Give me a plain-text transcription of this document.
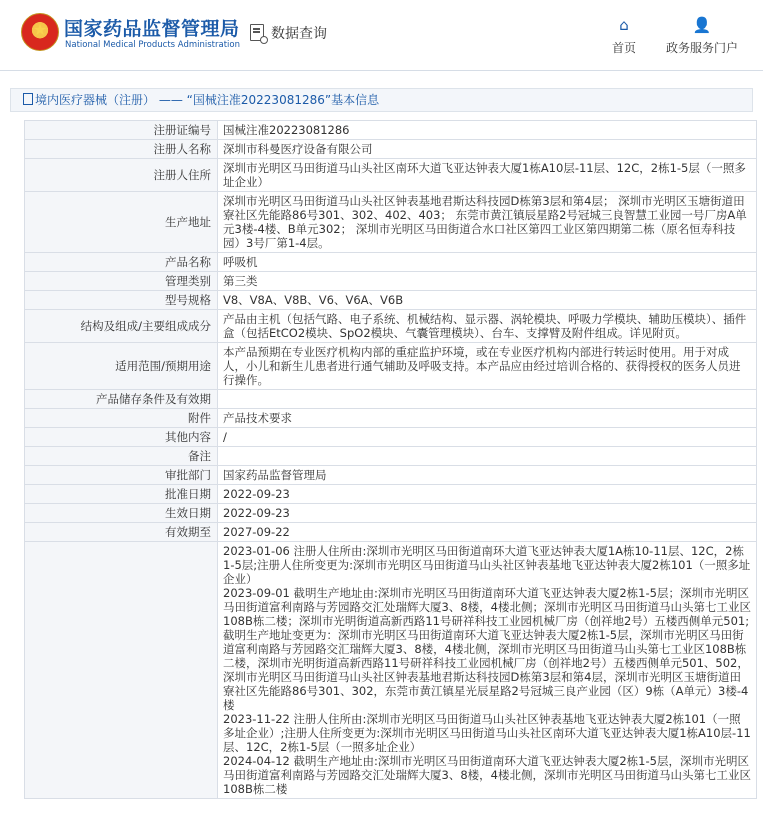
★
国家药品监督管理局
National Medical Products Administration
数据查询	⌂
首页
👤
政务服务门户
境内医疗器械（注册） —— “国械注准20223081286”基本信息
注册证编号	国械注准20223081286
注册人名称	深圳市科曼医疗设备有限公司
注册人住所	深圳市光明区马田街道马山头社区南环大道飞亚达钟表大厦1栋A10层-11层、12C，2栋1-5层（一照多址企业）
生产地址	深圳市光明区马田街道马山头社区钟表基地君斯达科技园D栋第3层和第4层； 深圳市光明区玉塘街道田寮社区先能路86号301、302、402、403； 东莞市黄江镇辰星路2号冠城三良智慧工业园一号厂房A单元3楼-4楼、B单元302； 深圳市光明区马田街道合水口社区第四工业区第四期第二栋（原名恒寿科技园）3号厂第1-4层。
产品名称	呼吸机
管理类别	第三类
型号规格	V8、V8A、V8B、V6、V6A、V6B
结构及组成/主要组成成分	产品由主机（包括气路、电子系统、机械结构、显示器、涡轮模块、呼吸力学模块、辅助压模块）、插件盒（包括EtCO2模块、SpO2模块、气囊管理模块）、台车、支撑臂及附件组成。详见附页。
适用范围/预期用途	本产品预期在专业医疗机构内部的重症监护环境，或在专业医疗机构内部进行转运时使用。用于对成人，小儿和新生儿患者进行通气辅助及呼吸支持。本产品应由经过培训合格的、获得授权的医务人员进行操作。
产品储存条件及有效期	
附件	产品技术要求
其他内容	/
备注	
审批部门	国家药品监督管理局
批准日期	2022-09-23
生效日期	2022-09-23
有效期至	2027-09-22

	2023-01-06 注册人住所由:深圳市光明区马田街道南环大道飞亚达钟表大厦1A栋10-11层、12C，2栋1-5层;注册人住所变更为:深圳市光明区马田街道马山头社区钟表基地飞亚达钟表大厦2栋101（一照多址企业）

2023-09-01 截明生产地址由:深圳市光明区马田街道南环大道飞亚达钟表大厦2栋1-5层；深圳市光明区马田街道富利南路与芳园路交汇处瑞辉大厦3、8楼，4楼北侧；深圳市光明区马田街道马山头第七工业区108B栋二楼；深圳市光明街道高新西路11号研祥科技工业园机械厂房（创祥地2号）五楼西侧单元501;截明生产地址变更为：深圳市光明区马田街道南环大道飞亚达钟表大厦2栋1-5层，深圳市光明区马田街道富利南路与芳园路交汇瑞辉大厦3、8楼，4楼北侧，深圳市光明区马田街道马山头第七工业区108B栋二楼，深圳市光明街道高新西路11号研祥科技工业园机械厂房（创祥地2号）五楼西侧单元501、502，深圳市光明区马田街道马山头社区钟表基地君斯达科技园D栋第3层和第4层，深圳市光明区玉塘街道田寮社区先能路86号301、302，东莞市黄江镇星光辰星路2号冠城三良产业园（区）9栋（A单元）3楼-4楼

2023-11-22 注册人住所由:深圳市光明区马田街道马山头社区钟表基地飞亚达钟表大厦2栋101（一照多址企业）;注册人住所变更为:深圳市光明区马田街道马山头社区南环大道飞亚达钟表大厦1栋A10层-11层、12C，2栋1-5层（一照多址企业）

2024-04-12 截明生产地址由:深圳市光明区马田街道南环大道飞亚达钟表大厦2栋1-5层，深圳市光明区马田街道富利南路与芳园路交汇处瑞辉大厦3、8楼，4楼北侧，深圳市光明区马田街道马山头第七工业区108B栋二楼
